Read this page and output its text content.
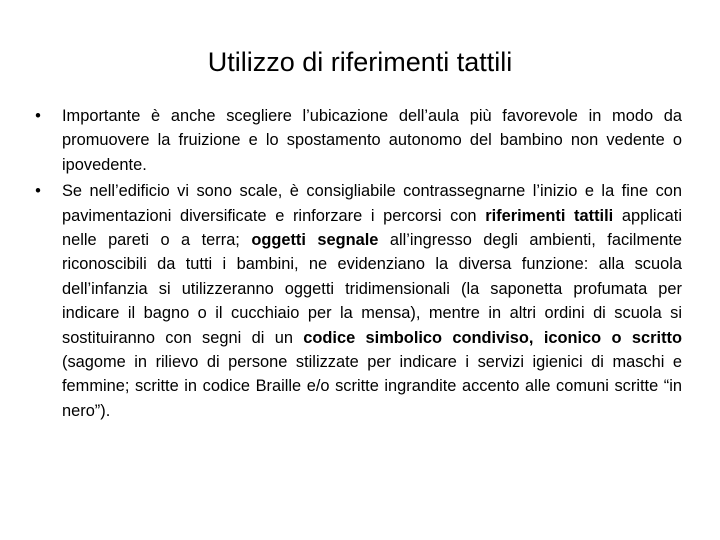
Utilizzo di riferimenti tattili
•	Importante è anche scegliere l’ubicazione dell’aula più favorevole in modo da promuovere la fruizione e lo spostamento autonomo del bambino non vedente o ipovedente.
•	Se nell’edificio vi sono scale, è consigliabile contrassegnarne l’inizio e la fine con pavimentazioni diversificate e rinforzare i percorsi con riferimenti tattili applicati nelle pareti o a terra; oggetti segnale all’ingresso degli ambienti, facilmente riconoscibili da tutti i bambini, ne evidenziano la diversa funzione: alla scuola dell’infanzia si utilizzeranno oggetti tridimensionali (la saponetta profumata per indicare il bagno o il cucchiaio per la mensa), mentre in altri ordini di scuola si sostituiranno con segni di un codice simbolico condiviso, iconico o scritto (sagome in rilievo di persone stilizzate per indicare i servizi igienici di maschi e femmine; scritte in codice Braille e/o scritte ingrandite accento alle comuni scritte “in nero”).
